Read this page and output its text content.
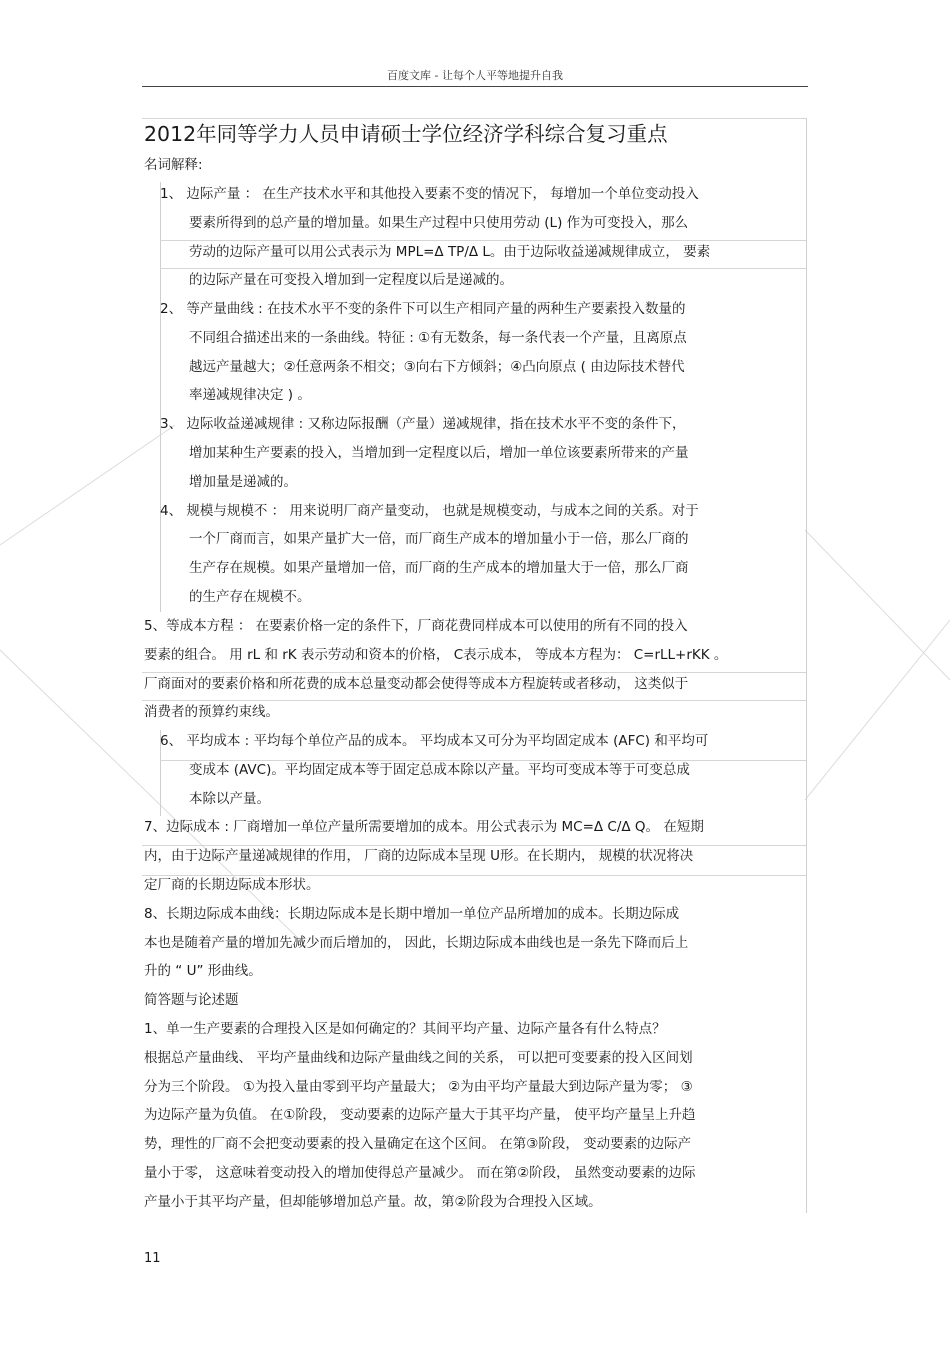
百度文库 - 让每个人平等地提升自我
2012年同等学力人员申请硕士学位经济学科综合复习重点
名词解释:
1、 边际产量 ： 在生产技术水平和其他投入要素不变的情况下， 每增加一个单位变动投入
要素所得到的总产量的增加量。如果生产过程中只使用劳动 (L) 作为可变投入，那么
劳动的边际产量可以用公式表示为 MPL=Δ TP/Δ L。由于边际收益递减规律成立， 要素
的边际产量在可变投入增加到一定程度以后是递减的。
2、 等产量曲线 : 在技术水平不变的条件下可以生产相同产量的两种生产要素投入数量的
不同组合描述出来的一条曲线。特征 : ①有无数条，每一条代表一个产量，且离原点
越远产量越大；②任意两条不相交；③向右下方倾斜；④凸向原点 ( 由边际技术替代
率递减规律决定 ) 。
3、 边际收益递减规律 : 又称边际报酬（产量）递减规律，指在技术水平不变的条件下，
增加某种生产要素的投入，当增加到一定程度以后，增加一单位该要素所带来的产量
增加量是递减的。
4、 规模与规模不 ： 用来说明厂商产量变动， 也就是规模变动，与成本之间的关系。对于
一个厂商而言，如果产量扩大一倍，而厂商生产成本的增加量小于一倍，那么厂商的
生产存在规模。如果产量增加一倍，而厂商的生产成本的增加量大于一倍，那么厂商
的生产存在规模不。
5、等成本方程 ： 在要素价格一定的条件下，厂商花费同样成本可以使用的所有不同的投入
要素的组合。 用 rL 和 rK 表示劳动和资本的价格， C表示成本， 等成本方程为： C=rLL+rKK 。
厂商面对的要素价格和所花费的成本总量变动都会使得等成本方程旋转或者移动， 这类似于
消费者的预算约束线。
6、 平均成本 : 平均每个单位产品的成本。 平均成本又可分为平均固定成本 (AFC) 和平均可
变成本 (AVC)。平均固定成本等于固定总成本除以产量。平均可变成本等于可变总成
本除以产量。
7、边际成本 : 厂商增加一单位产量所需要增加的成本。用公式表示为 MC=Δ C/Δ Q。 在短期
内，由于边际产量递减规律的作用， 厂商的边际成本呈现 U形。在长期内， 规模的状况将决
定厂商的长期边际成本形状。
8、长期边际成本曲线：长期边际成本是长期中增加一单位产品所增加的成本。长期边际成
本也是随着产量的增加先减少而后增加的， 因此，长期边际成本曲线也是一条先下降而后上
升的 “ U” 形曲线。
简答题与论述题
1、单一生产要素的合理投入区是如何确定的？其间平均产量、边际产量各有什么特点？
根据总产量曲线、 平均产量曲线和边际产量曲线之间的关系， 可以把可变要素的投入区间划
分为三个阶段。 ①为投入量由零到平均产量最大； ②为由平均产量最大到边际产量为零； ③
为边际产量为负值。 在①阶段， 变动要素的边际产量大于其平均产量， 使平均产量呈上升趋
势，理性的厂商不会把变动要素的投入量确定在这个区间。 在第③阶段， 变动要素的边际产
量小于零， 这意味着变动投入的增加使得总产量减少。 而在第②阶段， 虽然变动要素的边际
产量小于其平均产量，但却能够增加总产量。故，第②阶段为合理投入区域。
11
